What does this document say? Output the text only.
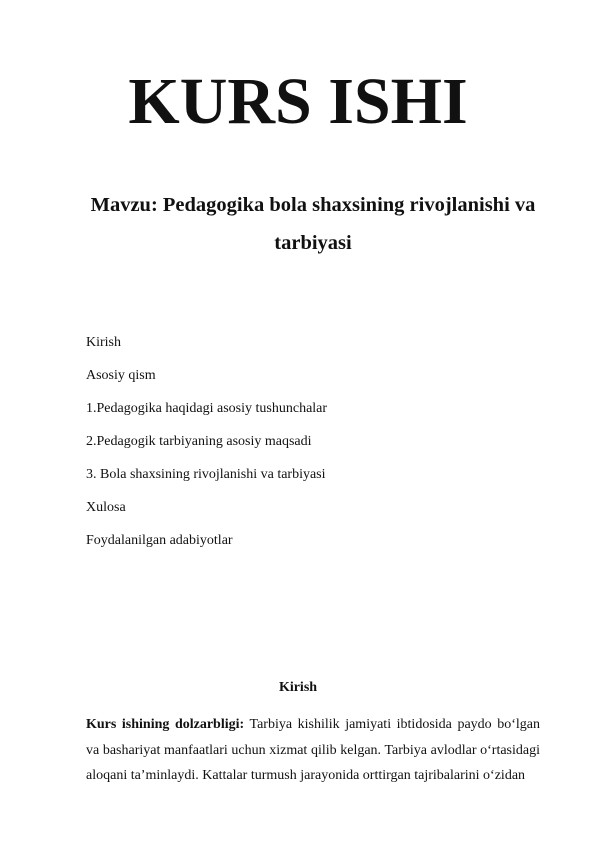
KURS ISHI
Mavzu: Pedagogika bola shaxsining rivojlanishi va tarbiyasi
Kirish
Asosiy qism
1.Pedagogika haqidagi asosiy tushunchalar
2.Pedagogik tarbiyaning asosiy maqsadi
3. Bola shaxsining rivojlanishi va tarbiyasi
Xulosa
Foydalanilgan adabiyotlar
Kirish

Kurs ishining dolzarbligi: Tarbiya kishilik jamiyati ibtidosida paydo boʻlgan va bashariyat manfaatlari uchun xizmat qilib kelgan. Tarbiya avlodlar oʻrtasidagi aloqani taʼminlaydi. Kattalar turmush jarayonida orttirgan tajribalarini oʻzidan
